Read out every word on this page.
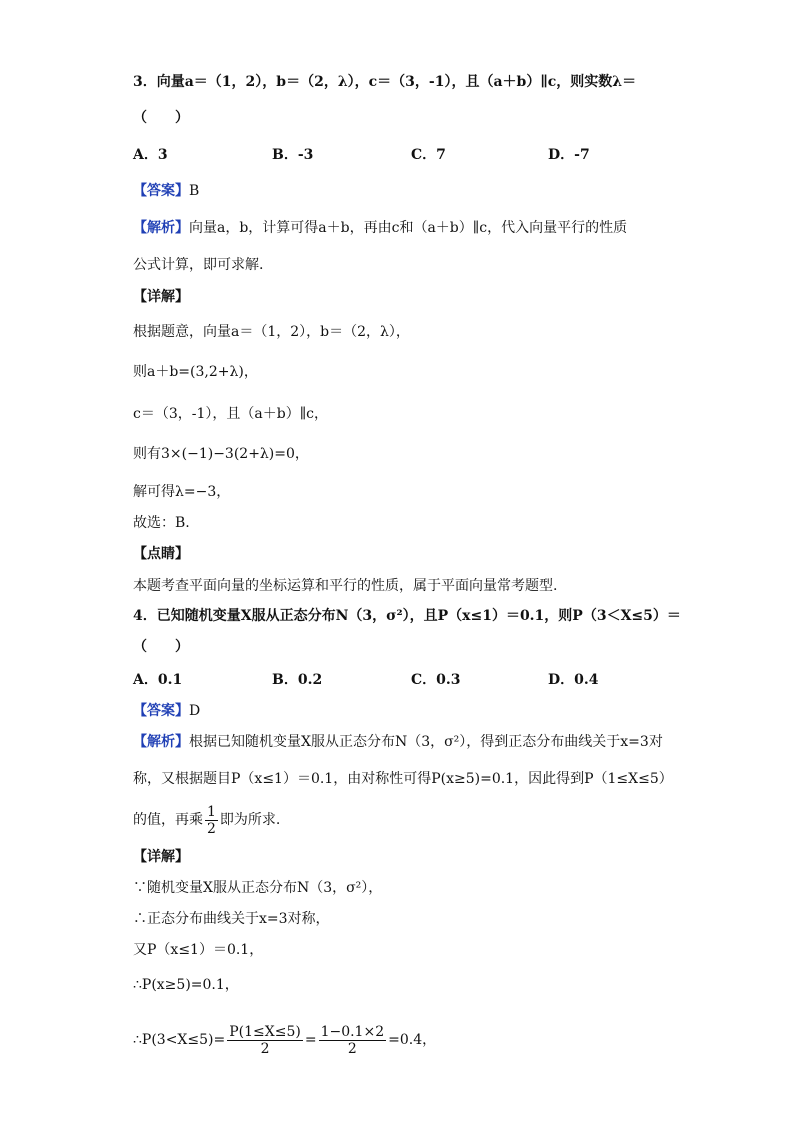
3．向量a＝（1，2），b＝（2，λ），c＝（3，-1），且（a＋b）∥c，则实数λ＝
（　　）
A．3	B．-3	C．7	D．-7
【答案】B
【解析】向量a，b，计算可得a＋b，再由c和（a＋b）∥c，代入向量平行的性质
公式计算，即可求解.
【详解】
根据题意，向量a＝（1，2），b＝（2，λ），
则a＋b=(3,2+λ)，
c＝（3，-1），且（a＋b）∥c，
则有3×(−1)−3(2+λ)=0，
解可得λ=−3，
故选：B.
【点睛】
本题考查平面向量的坐标运算和平行的性质，属于平面向量常考题型.
4．已知随机变量X服从正态分布N（3，σ²），且P（x≤1）＝0.1，则P（3＜X≤5）＝
（　　）
A．0.1	B．0.2	C．0.3	D．0.4
【答案】D
【解析】根据已知随机变量X服从正态分布N（3，σ²），得到正态分布曲线关于x=3对
称，又根据题目P（x≤1）＝0.1，由对称性可得P(x≥5)=0.1，因此得到P（1≤X≤5）
的值，再乘 $\frac{1}{2}$ 即为所求.
【详解】
∵随机变量X服从正态分布N（3，σ²），
∴正态分布曲线关于x=3对称，
又P（x≤1）＝0.1，
∴P(x≥5)=0.1，
∴P(3<X≤5)= $\frac{P(1\le X\le 5)}{2} = \frac{1-0.1\times 2}{2} =0.4$，
